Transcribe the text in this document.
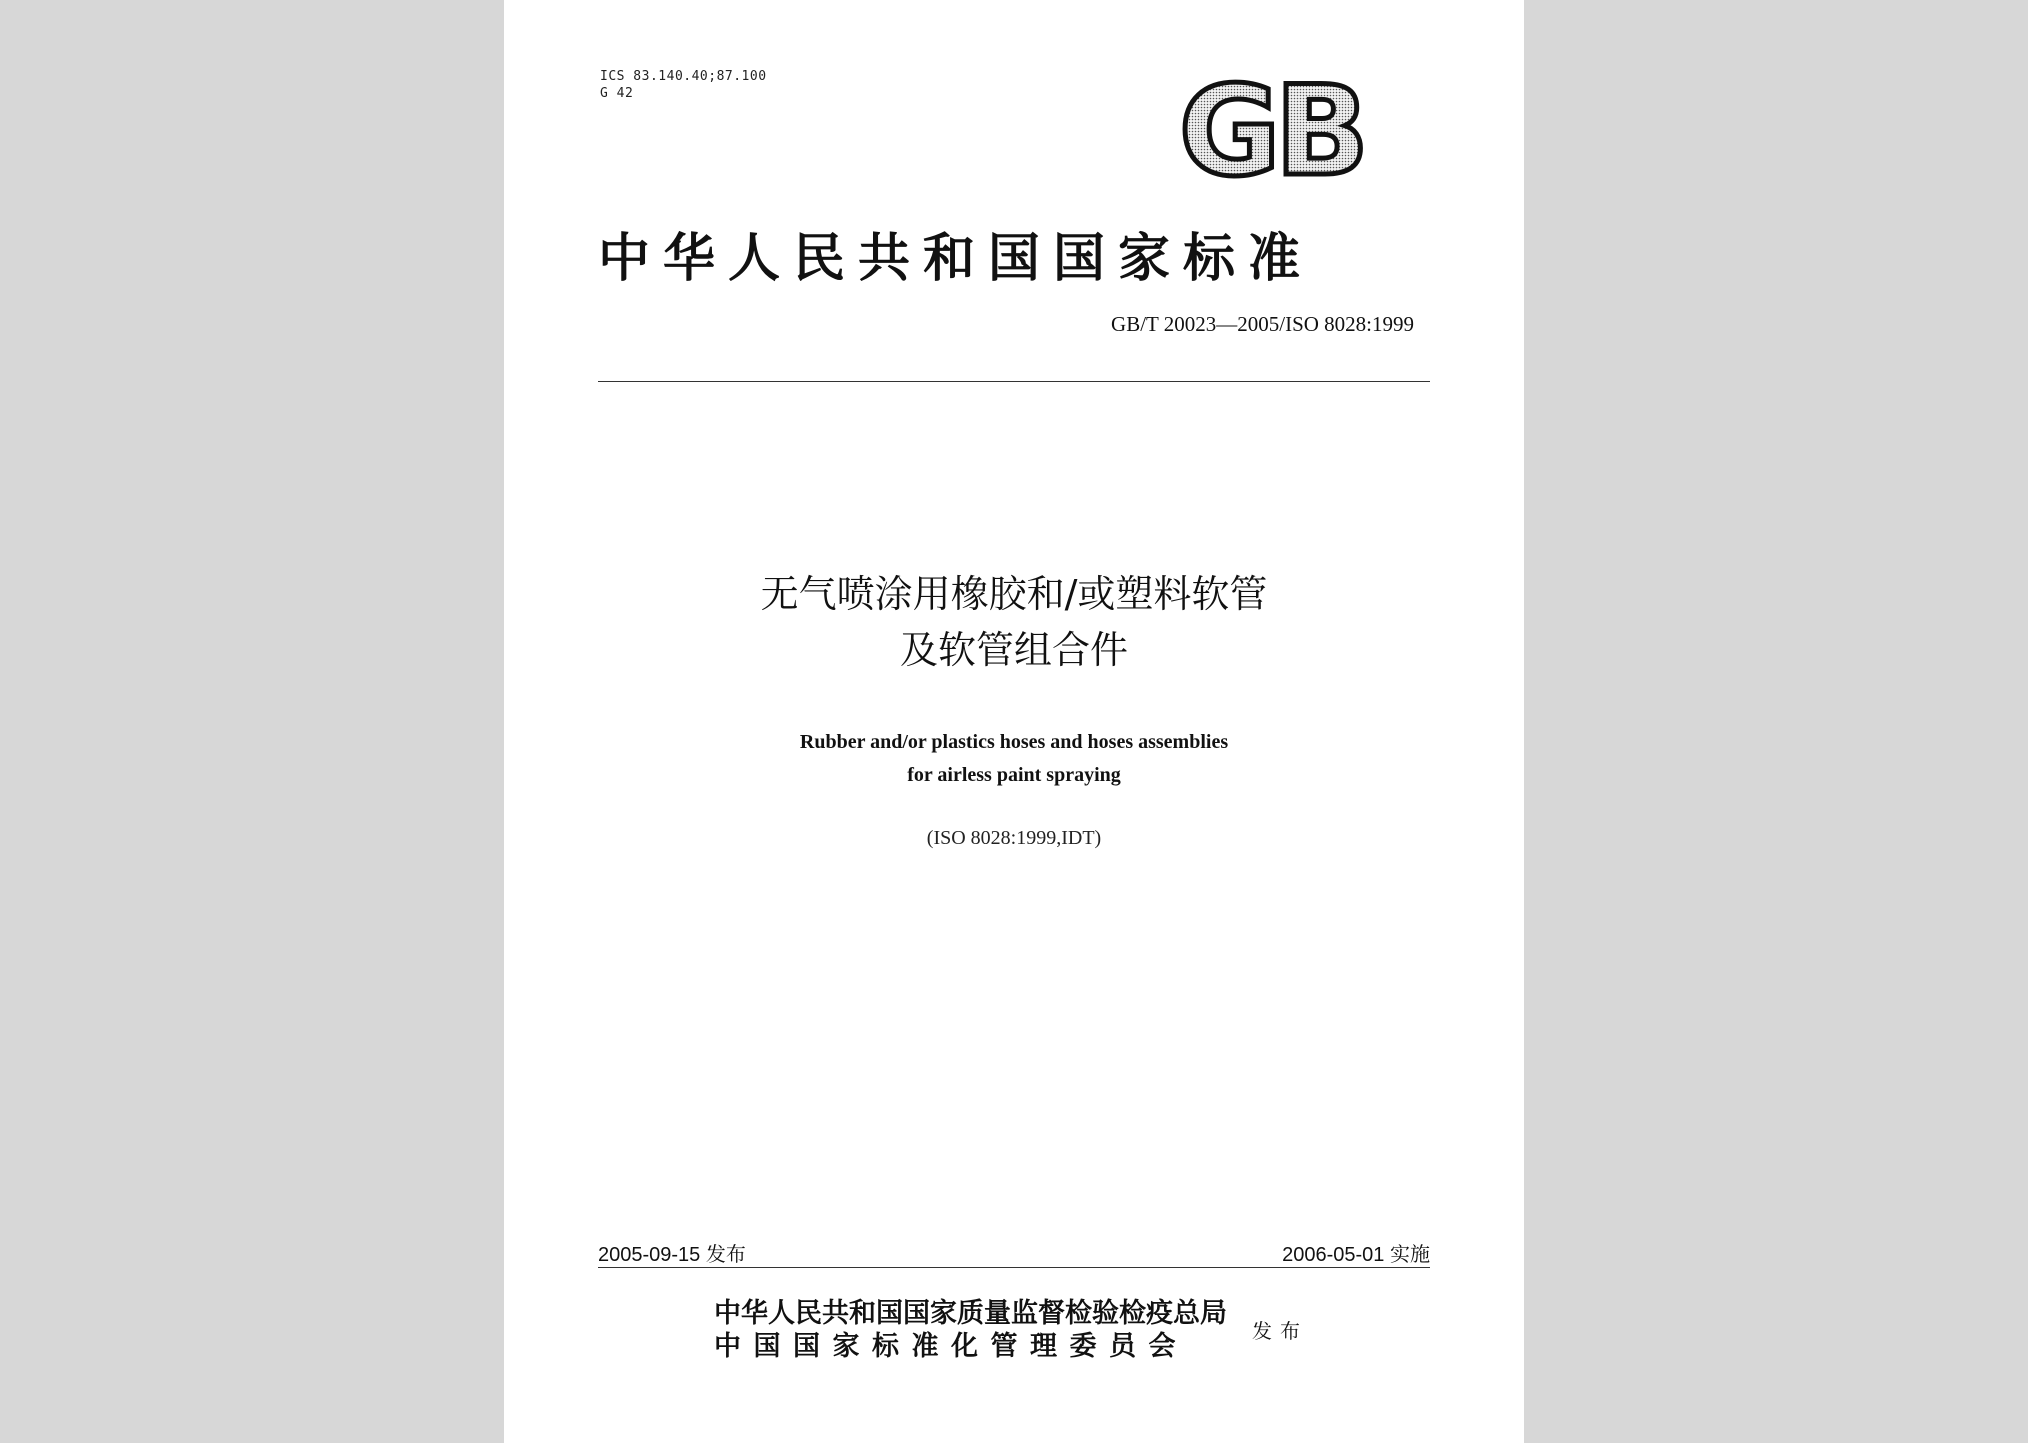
ICS 83.140.40;87.100
G 42	GB
中华人民共和国国家标准
GB/T 20023—2005/ISO 8028:1999
无气喷涂用橡胶和/或塑料软管
及软管组合件
Rubber and/or plastics hoses and hoses assemblies
for airless paint spraying
(ISO 8028:1999,IDT)
2005-09-15 发布	2006-05-01 实施
中华人民共和国国家质量监督检验检疫总局
中国国家标准化管理委员会	发布
